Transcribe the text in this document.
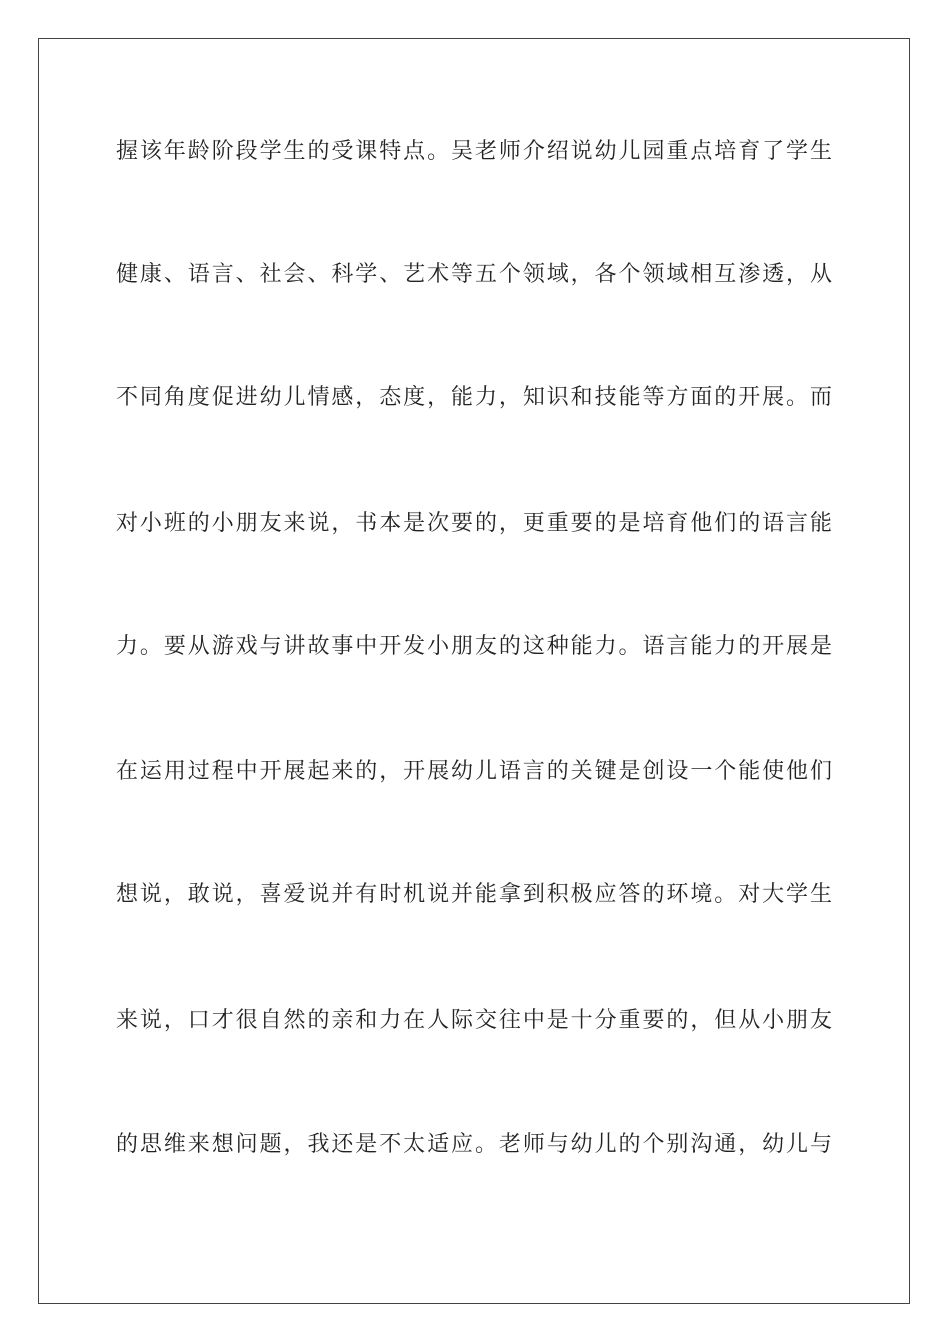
握该年龄阶段学生的受课特点。吴老师介绍说幼儿园重点培育了学生
健康、语言、社会、科学、艺术等五个领域，各个领域相互渗透，从
不同角度促进幼儿情感，态度，能力，知识和技能等方面的开展。而
对小班的小朋友来说，书本是次要的，更重要的是培育他们的语言能
力。要从游戏与讲故事中开发小朋友的这种能力。语言能力的开展是
在运用过程中开展起来的，开展幼儿语言的关键是创设一个能使他们
想说，敢说，喜爱说并有时机说并能拿到积极应答的环境。对大学生
来说，口才很自然的亲和力在人际交往中是十分重要的，但从小朋友
的思维来想问题，我还是不太适应。老师与幼儿的个别沟通，幼儿与
